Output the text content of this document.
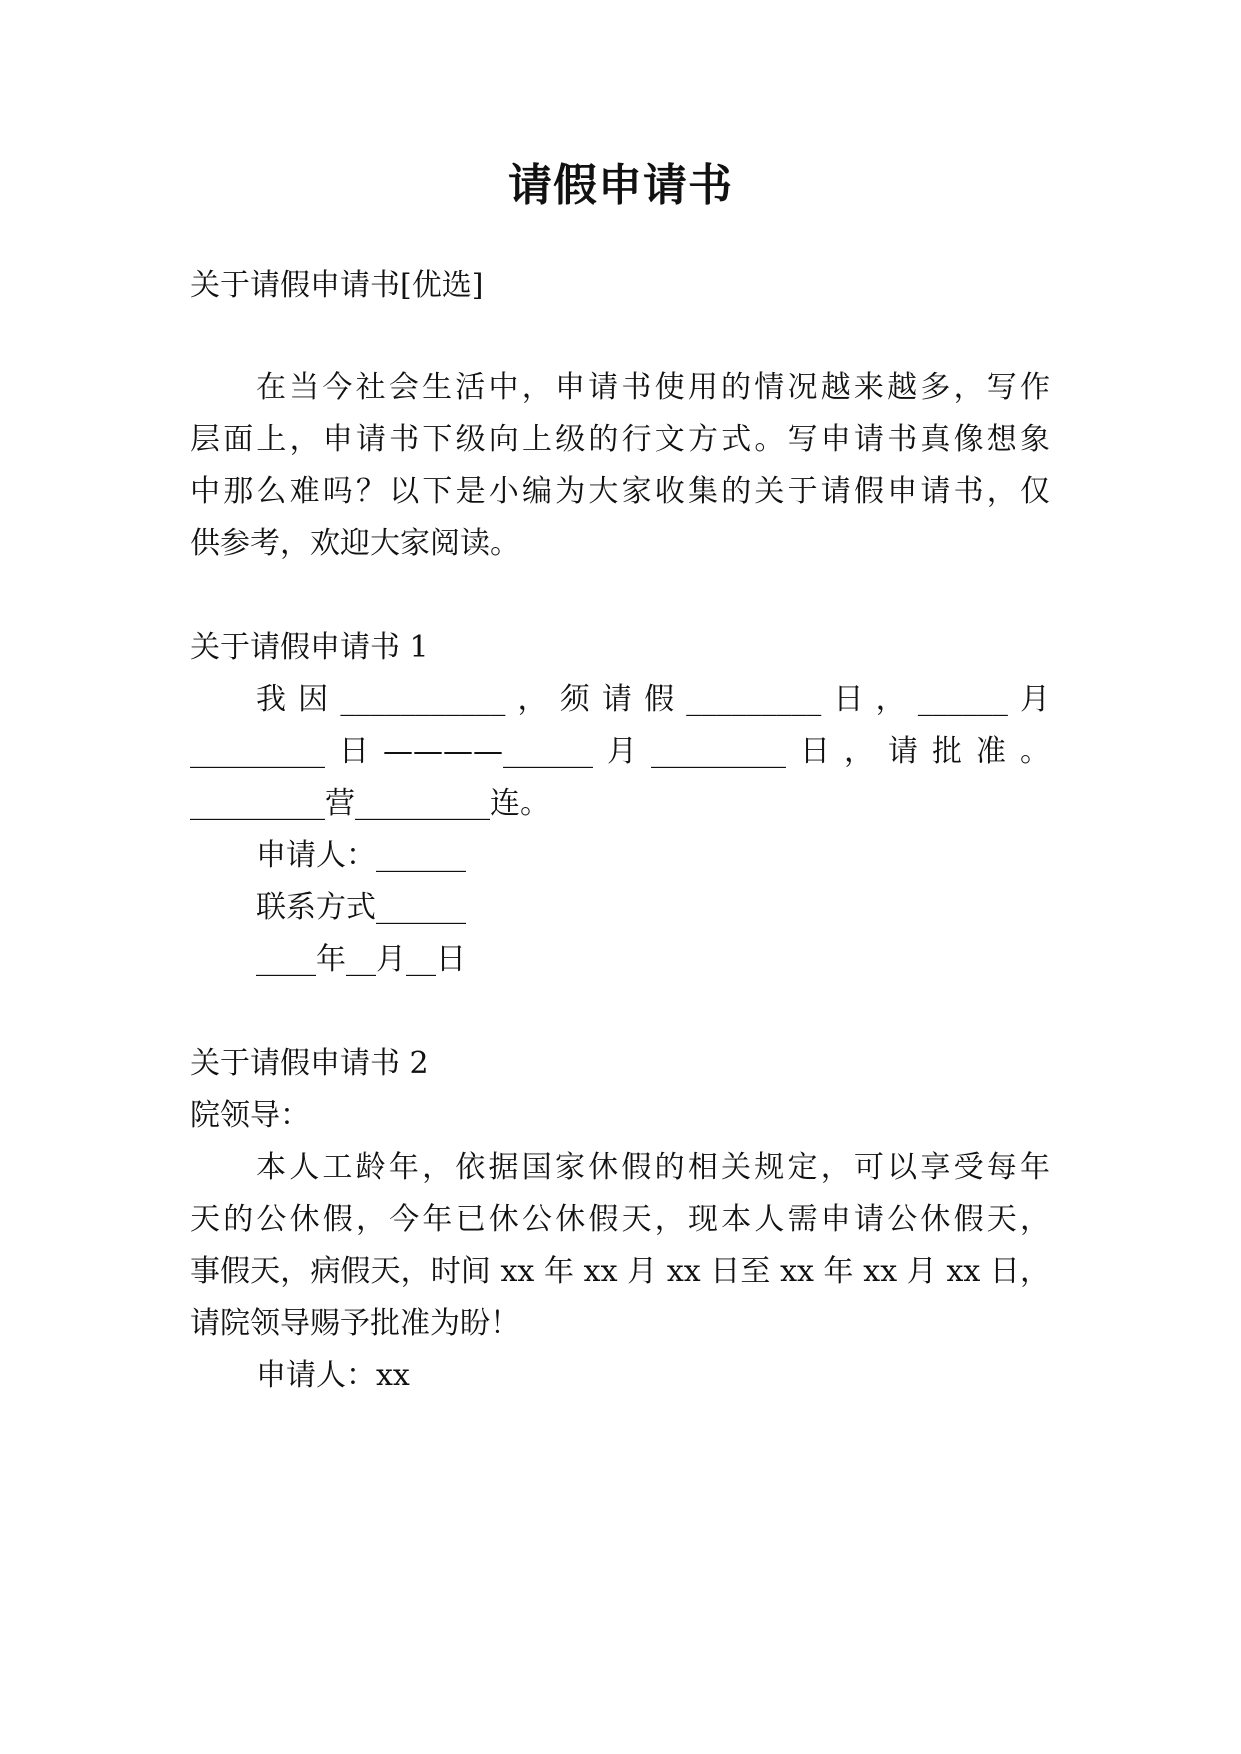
请假申请书
关于请假申请书[优选]
在当今社会生活中，申请书使用的情况越来越多，写作
层面上，申请书下级向上级的行文方式。写申请书真像想象
中那么难吗？以下是小编为大家收集的关于请假申请书，仅
供参考，欢迎大家阅读。
关于请假申请书 1
我因___________，须请假_________日，______月
_________日————______月_________日，请批准。
_________营_________连。
申请人：______
联系方式______
____年__月__日
关于请假申请书 2
院领导：
本人工龄年，依据国家休假的相关规定，可以享受每年
天的公休假，今年已休公休假天，现本人需申请公休假天，
事假天，病假天，时间 xx 年 xx 月 xx 日至 xx 年 xx 月 xx 日，
请院领导赐予批准为盼！
申请人：xx
